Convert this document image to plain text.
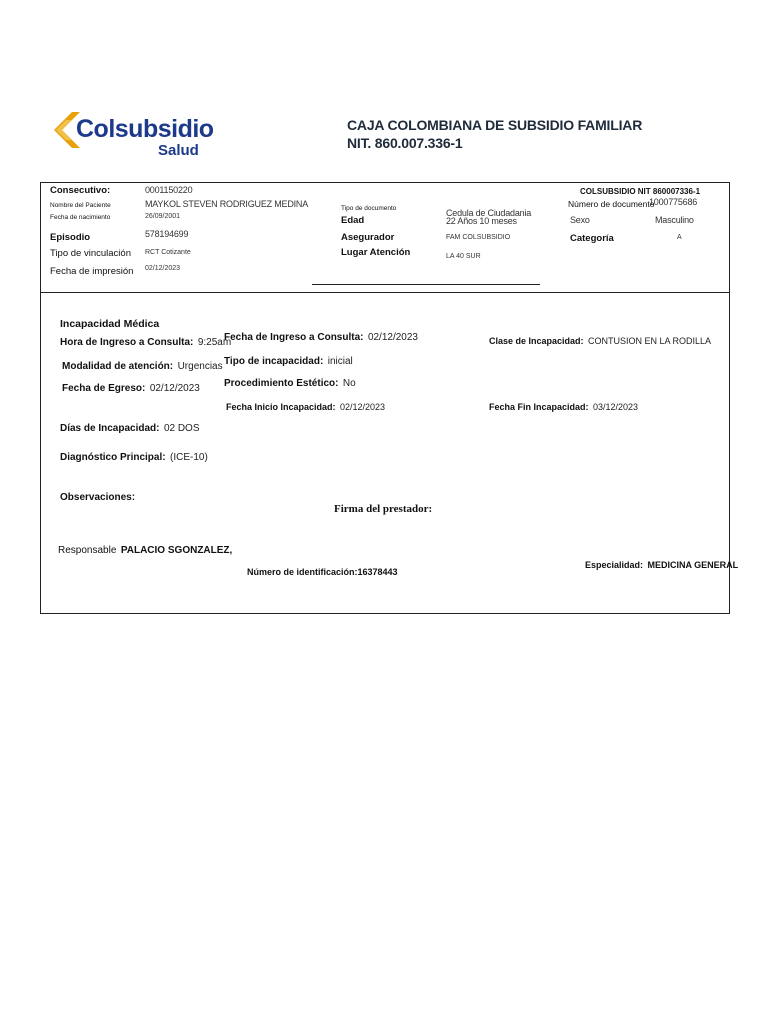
Colsubsidio
Salud
CAJA COLOMBIANA DE SUBSIDIO FAMILIAR
NIT. 860.007.336-1
Consecutivo:	0001150220
Nombre del Paciente	MAYKOL STEVEN RODRIGUEZ MEDINA
Fecha de nacimiento	26/09/2001
Episodio	578194699
Tipo de vinculación RCT Cotizante
Fecha de impresión 02/12/2023
Tipo de documento	Cedula de Ciudadania
Edad	22 Años 10 meses
Asegurador	FAM COLSUBSIDIO
Lugar Atención	LA 40 SUR
COLSUBSIDIO NIT 860007336-1
Número de documento
1000775686
Sexo	Masculino
Categoría	A
Incapacidad Médica
Hora de Ingreso a Consulta: 9:25am
Modalidad de atención: Urgencias
Fecha de Egreso: 02/12/2023
Fecha de Ingreso a Consulta: 02/12/2023
Tipo de incapacidad: inicial
Procedimiento Estético: No
Fecha Inicio Incapacidad: 02/12/2023
Clase de Incapacidad: CONTUSION EN LA RODILLA
Fecha Fin Incapacidad: 03/12/2023
Días de Incapacidad: 02 DOS
Diagnóstico Principal: (ICE-10)
Observaciones:
Firma del prestador:
Responsable PALACIO SGONZALEZ,
Número de identificación:16378443
Especialidad: MEDICINA GENERAL
